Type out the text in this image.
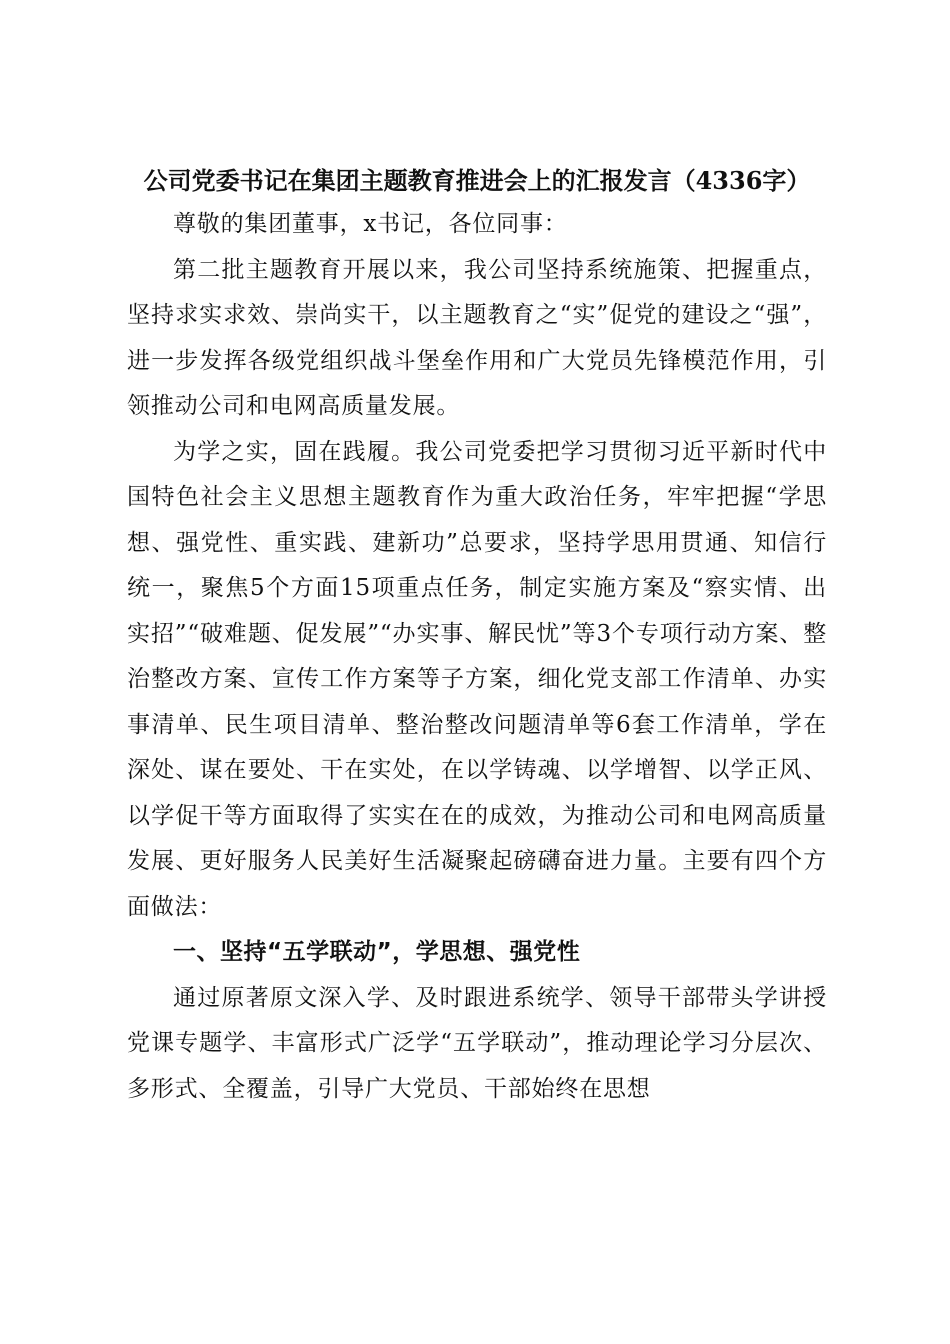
公司党委书记在集团主题教育推进会上的汇报发言（4336字）

尊敬的集团董事，x书记，各位同事：

第二批主题教育开展以来，我公司坚持系统施策、把握重点，坚持求实求效、崇尚实干，以主题教育之“实”促党的建设之“强”，进一步发挥各级党组织战斗堡垒作用和广大党员先锋模范作用，引领推动公司和电网高质量发展。

为学之实，固在践履。我公司党委把学习贯彻习近平新时代中国特色社会主义思想主题教育作为重大政治任务，牢牢把握“学思想、强党性、重实践、建新功”总要求，坚持学思用贯通、知信行统一，聚焦5个方面15项重点任务，制定实施方案及“察实情、出实招”“破难题、促发展”“办实事、解民忧”等3个专项行动方案、整治整改方案、宣传工作方案等子方案，细化党支部工作清单、办实事清单、民生项目清单、整治整改问题清单等6套工作清单，学在深处、谋在要处、干在实处，在以学铸魂、以学增智、以学正风、以学促干等方面取得了实实在在的成效，为推动公司和电网高质量发展、更好服务人民美好生活凝聚起磅礴奋进力量。主要有四个方面做法：

一、坚持“五学联动”，学思想、强党性

通过原著原文深入学、及时跟进系统学、领导干部带头学讲授党课专题学、丰富形式广泛学“五学联动”，推动理论学习分层次、多形式、全覆盖，引导广大党员、干部始终在思想
